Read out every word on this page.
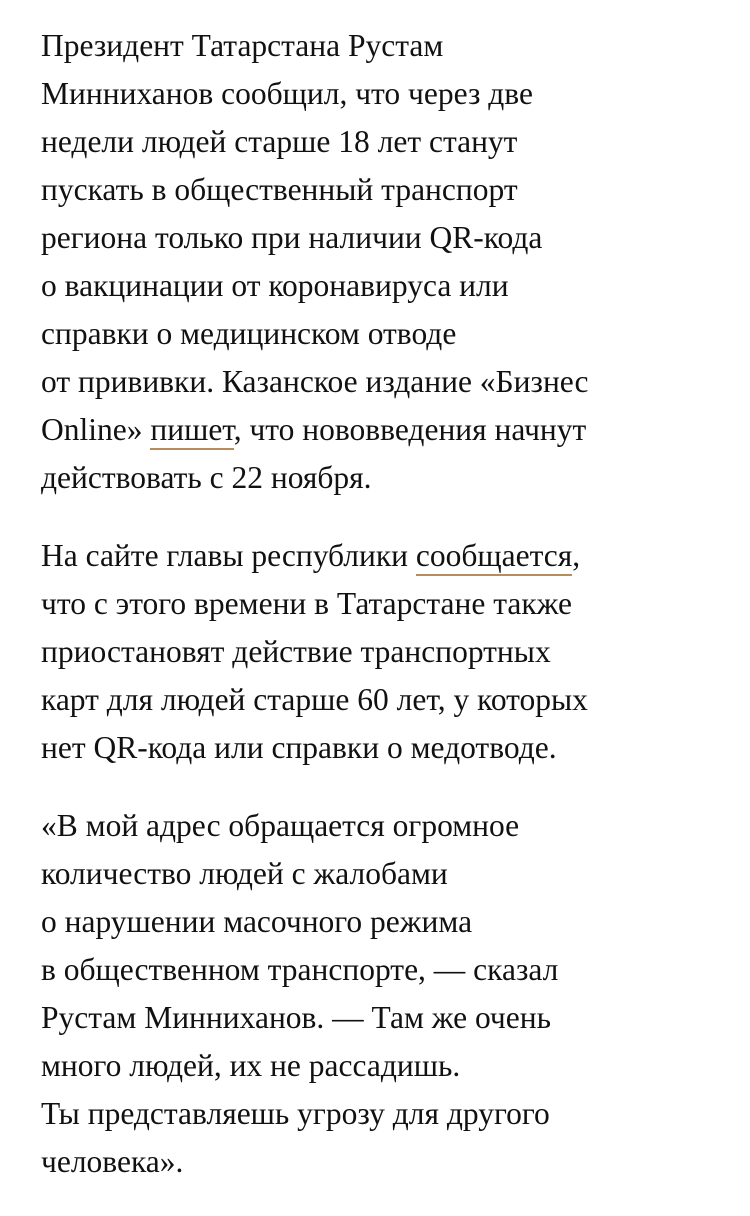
Президент Татарстана Рустам
Минниханов сообщил, что через две
недели людей старше 18 лет станут
пускать в общественный транспорт
региона только при наличии QR-кода
о вакцинации от коронавируса или
справки о медицинском отводе
от прививки. Казанское издание «Бизнес
Online» пишет, что нововведения начнут
действовать с 22 ноября.

На сайте главы республики сообщается,
что с этого времени в Татарстане также
приостановят действие транспортных
карт для людей старше 60 лет, у которых
нет QR-кода или справки о медотводе.

«В мой адрес обращается огромное
количество людей с жалобами
о нарушении масочного режима
в общественном транспорте, — сказал
Рустам Минниханов. — Там же очень
много людей, их не рассадишь.
Ты представляешь угрозу для другого
человека».
